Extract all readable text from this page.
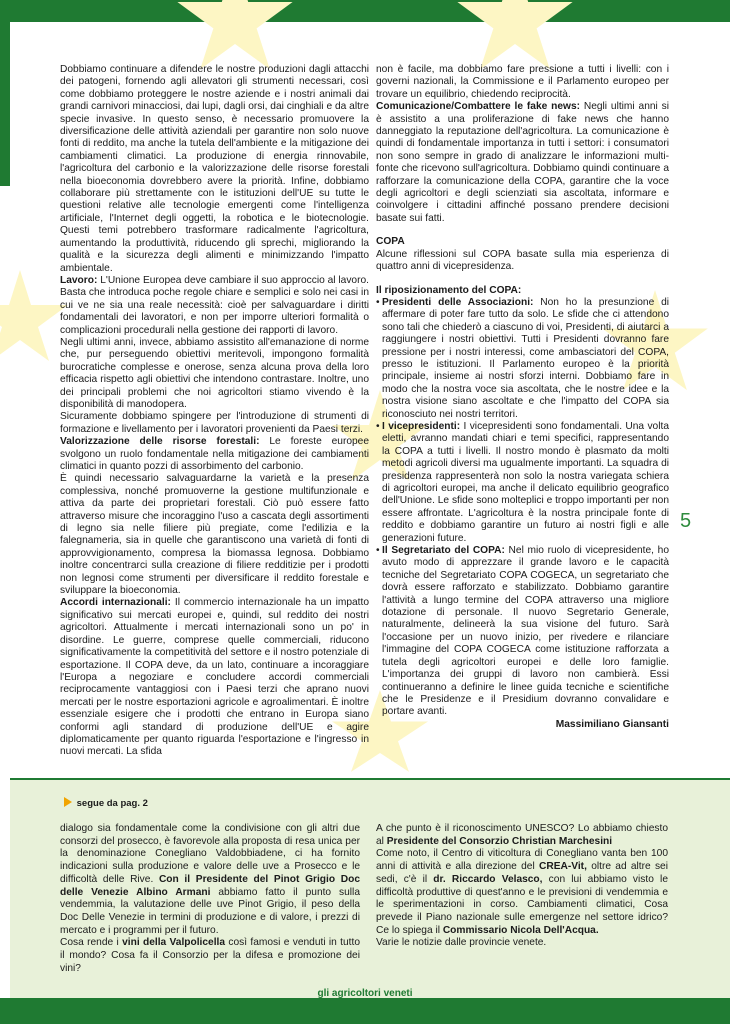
Dobbiamo continuare a difendere le nostre produzioni dagli attacchi dei patogeni, fornendo agli allevatori gli strumenti necessari, così come dobbiamo proteggere le nostre aziende e i nostri animali dai grandi carnivori minacciosi, dai lupi, dagli orsi, dai cinghiali e da altre specie invasive. In questo senso, è necessario promuovere la diversificazione delle attività aziendali per garantire non solo nuove fonti di reddito, ma anche la tutela dell'ambiente e la mitigazione dei cambiamenti climatici. La produzione di energia rinnovabile, l'agricoltura del carbonio e la valorizzazione delle risorse forestali nella bioeconomia dovrebbero avere la priorità. Infine, dobbiamo collaborare più strettamente con le istituzioni dell'UE su tutte le questioni relative alle tecnologie emergenti come l'intelligenza artificiale, l'Internet degli oggetti, la robotica e le biotecnologie. Questi temi potrebbero trasformare radicalmente l'agricoltura, aumentando la produttività, riducendo gli sprechi, migliorando la qualità e la sicurezza degli alimenti e minimizzando l'impatto ambientale.

Lavoro: L'Unione Europea deve cambiare il suo approccio al lavoro. Basta che introduca poche regole chiare e semplici e solo nei casi in cui ve ne sia una reale necessità: cioè per salvaguardare i diritti fondamentali dei lavoratori, e non per imporre ulteriori formalità o complicazioni procedurali nella gestione dei rapporti di lavoro.

Negli ultimi anni, invece, abbiamo assistito all'emanazione di norme che, pur perseguendo obiettivi meritevoli, impongono formalità burocratiche complesse e onerose, senza alcuna prova della loro efficacia rispetto agli obiettivi che intendono contrastare. Inoltre, uno dei principali problemi che noi agricoltori stiamo vivendo è la disponibilità di manodopera.

Sicuramente dobbiamo spingere per l'introduzione di strumenti di formazione e livellamento per i lavoratori provenienti da Paesi terzi.

Valorizzazione delle risorse forestali: Le foreste europee svolgono un ruolo fondamentale nella mitigazione dei cambiamenti climatici in quanto pozzi di assorbimento del carbonio.

È quindi necessario salvaguardarne la varietà e la presenza complessiva, nonché promuoverne la gestione multifunzionale e attiva da parte dei proprietari forestali. Ciò può essere fatto attraverso misure che incoraggino l'uso a cascata degli assortimenti di legno sia nelle filiere più pregiate, come l'edilizia e la falegnameria, sia in quelle che garantiscono una varietà di fonti di approvvigionamento, compresa la biomassa legnosa. Dobbiamo inoltre concentrarci sulla creazione di filiere redditizie per i prodotti non legnosi come strumenti per diversificare il reddito forestale e sviluppare la bioeconomia.

Accordi internazionali: Il commercio internazionale ha un impatto significativo sui mercati europei e, quindi, sul reddito dei nostri agricoltori. Attualmente i mercati internazionali sono un po' in disordine. Le guerre, comprese quelle commerciali, riducono significativamente la competitività del settore e il nostro potenziale di esportazione. Il COPA deve, da un lato, continuare a incoraggiare l'Europa a negoziare e concludere accordi commerciali reciprocamente vantaggiosi con i Paesi terzi che aprano nuovi mercati per le nostre esportazioni agricole e agroalimentari. È inoltre essenziale esigere che i prodotti che entrano in Europa siano conformi agli standard di produzione dell'UE e agire diplomaticamente per quanto riguarda l'esportazione e l'ingresso in nuovi mercati. La sfida

non è facile, ma dobbiamo fare pressione a tutti i livelli: con i governi nazionali, la Commissione e il Parlamento europeo per trovare un equilibrio, chiedendo reciprocità.

Comunicazione/Combattere le fake news: Negli ultimi anni si è assistito a una proliferazione di fake news che hanno danneggiato la reputazione dell'agricoltura. La comunicazione è quindi di fondamentale importanza in tutti i settori: i consumatori non sono sempre in grado di analizzare le informazioni multi-fonte che ricevono sull'agricoltura. Dobbiamo quindi continuare a rafforzare la comunicazione della COPA, garantire che la voce degli agricoltori e degli scienziati sia ascoltata, informare e coinvolgere i cittadini affinché possano prendere decisioni basate sui fatti.

COPA

Alcune riflessioni sul COPA basate sulla mia esperienza di quattro anni di vicepresidenza.

Il riposizionamento del COPA:

• Presidenti delle Associazioni: Non ho la presunzione di affermare di poter fare tutto da solo. Le sfide che ci attendono sono tali che chiederò a ciascuno di voi, Presidenti, di aiutarci a raggiungere i nostri obiettivi. Tutti i Presidenti dovranno fare pressione per i nostri interessi, come ambasciatori del COPA, presso le istituzioni. Il Parlamento europeo è la priorità principale, insieme ai nostri sforzi interni. Dobbiamo fare in modo che la nostra voce sia ascoltata, che le nostre idee e la nostra visione siano ascoltate e che l'impatto del COPA sia riconosciuto nei nostri territori.
• I vicepresidenti: I vicepresidenti sono fondamentali. Una volta eletti, avranno mandati chiari e temi specifici, rappresentando la COPA a tutti i livelli. Il nostro mondo è plasmato da molti metodi agricoli diversi ma ugualmente importanti. La squadra di presidenza rappresenterà non solo la nostra variegata schiera di agricoltori europei, ma anche il delicato equilibrio geografico dell'Unione. Le sfide sono molteplici e troppo importanti per non essere affrontate. L'agricoltura è la nostra principale fonte di reddito e dobbiamo garantire un futuro ai nostri figli e alle generazioni future.
• Il Segretariato del COPA: Nel mio ruolo di vicepresidente, ho avuto modo di apprezzare il grande lavoro e le capacità tecniche del Segretariato COPA COGECA, un segretariato che dovrà essere rafforzato e stabilizzato. Dobbiamo garantire l'attività a lungo termine del COPA attraverso una migliore dotazione di personale. Il nuovo Segretario Generale, naturalmente, delineerà la sua visione del futuro. Sarà l'occasione per un nuovo inizio, per rivedere e rilanciare l'immagine del COPA COGECA come istituzione rafforzata a tutela degli agricoltori europei e delle loro famiglie. L'importanza dei gruppi di lavoro non cambierà. Essi continueranno a definire le linee guida tecniche e scientifiche che le Presidenze e il Presidium dovranno convalidare e portare avanti.

Massimiliano Giansanti

5
segue da pag. 2

dialogo sia fondamentale come la condivisione con gli altri due consorzi del prosecco, è favorevole alla proposta di resa unica per la denominazione Conegliano Valdobbiadene, ci ha fornito indicazioni sulla produzione e valore delle uve a Prosecco e le difficoltà delle Rive. Con il Presidente del Pinot Grigio Doc delle Venezie Albino Armani abbiamo fatto il punto sulla vendemmia, la valutazione delle uve Pinot Grigio, il peso della Doc Delle Venezie in termini di produzione e di valore, i prezzi di mercato e i programmi per il futuro.

Cosa rende i vini della Valpolicella così famosi e venduti in tutto il mondo? Cosa fa il Consorzio per la difesa e promozione dei vini?

A che punto è il riconoscimento UNESCO? Lo abbiamo chiesto al Presidente del Consorzio Christian Marchesini

Come noto, il Centro di viticoltura di Conegliano vanta ben 100 anni di attività e alla direzione del CREA-Vit, oltre ad altre sei sedi, c'è il dr. Riccardo Velasco, con lui abbiamo visto le difficoltà produttive di quest'anno e le previsioni di vendemmia e le sperimentazioni in corso. Cambiamenti climatici, Cosa prevede il Piano nazionale sulle emergenze nel settore idrico? Ce lo spiega il Commissario Nicola Dell'Acqua.

Varie le notizie dalle provincie venete.

gli agricoltori veneti
